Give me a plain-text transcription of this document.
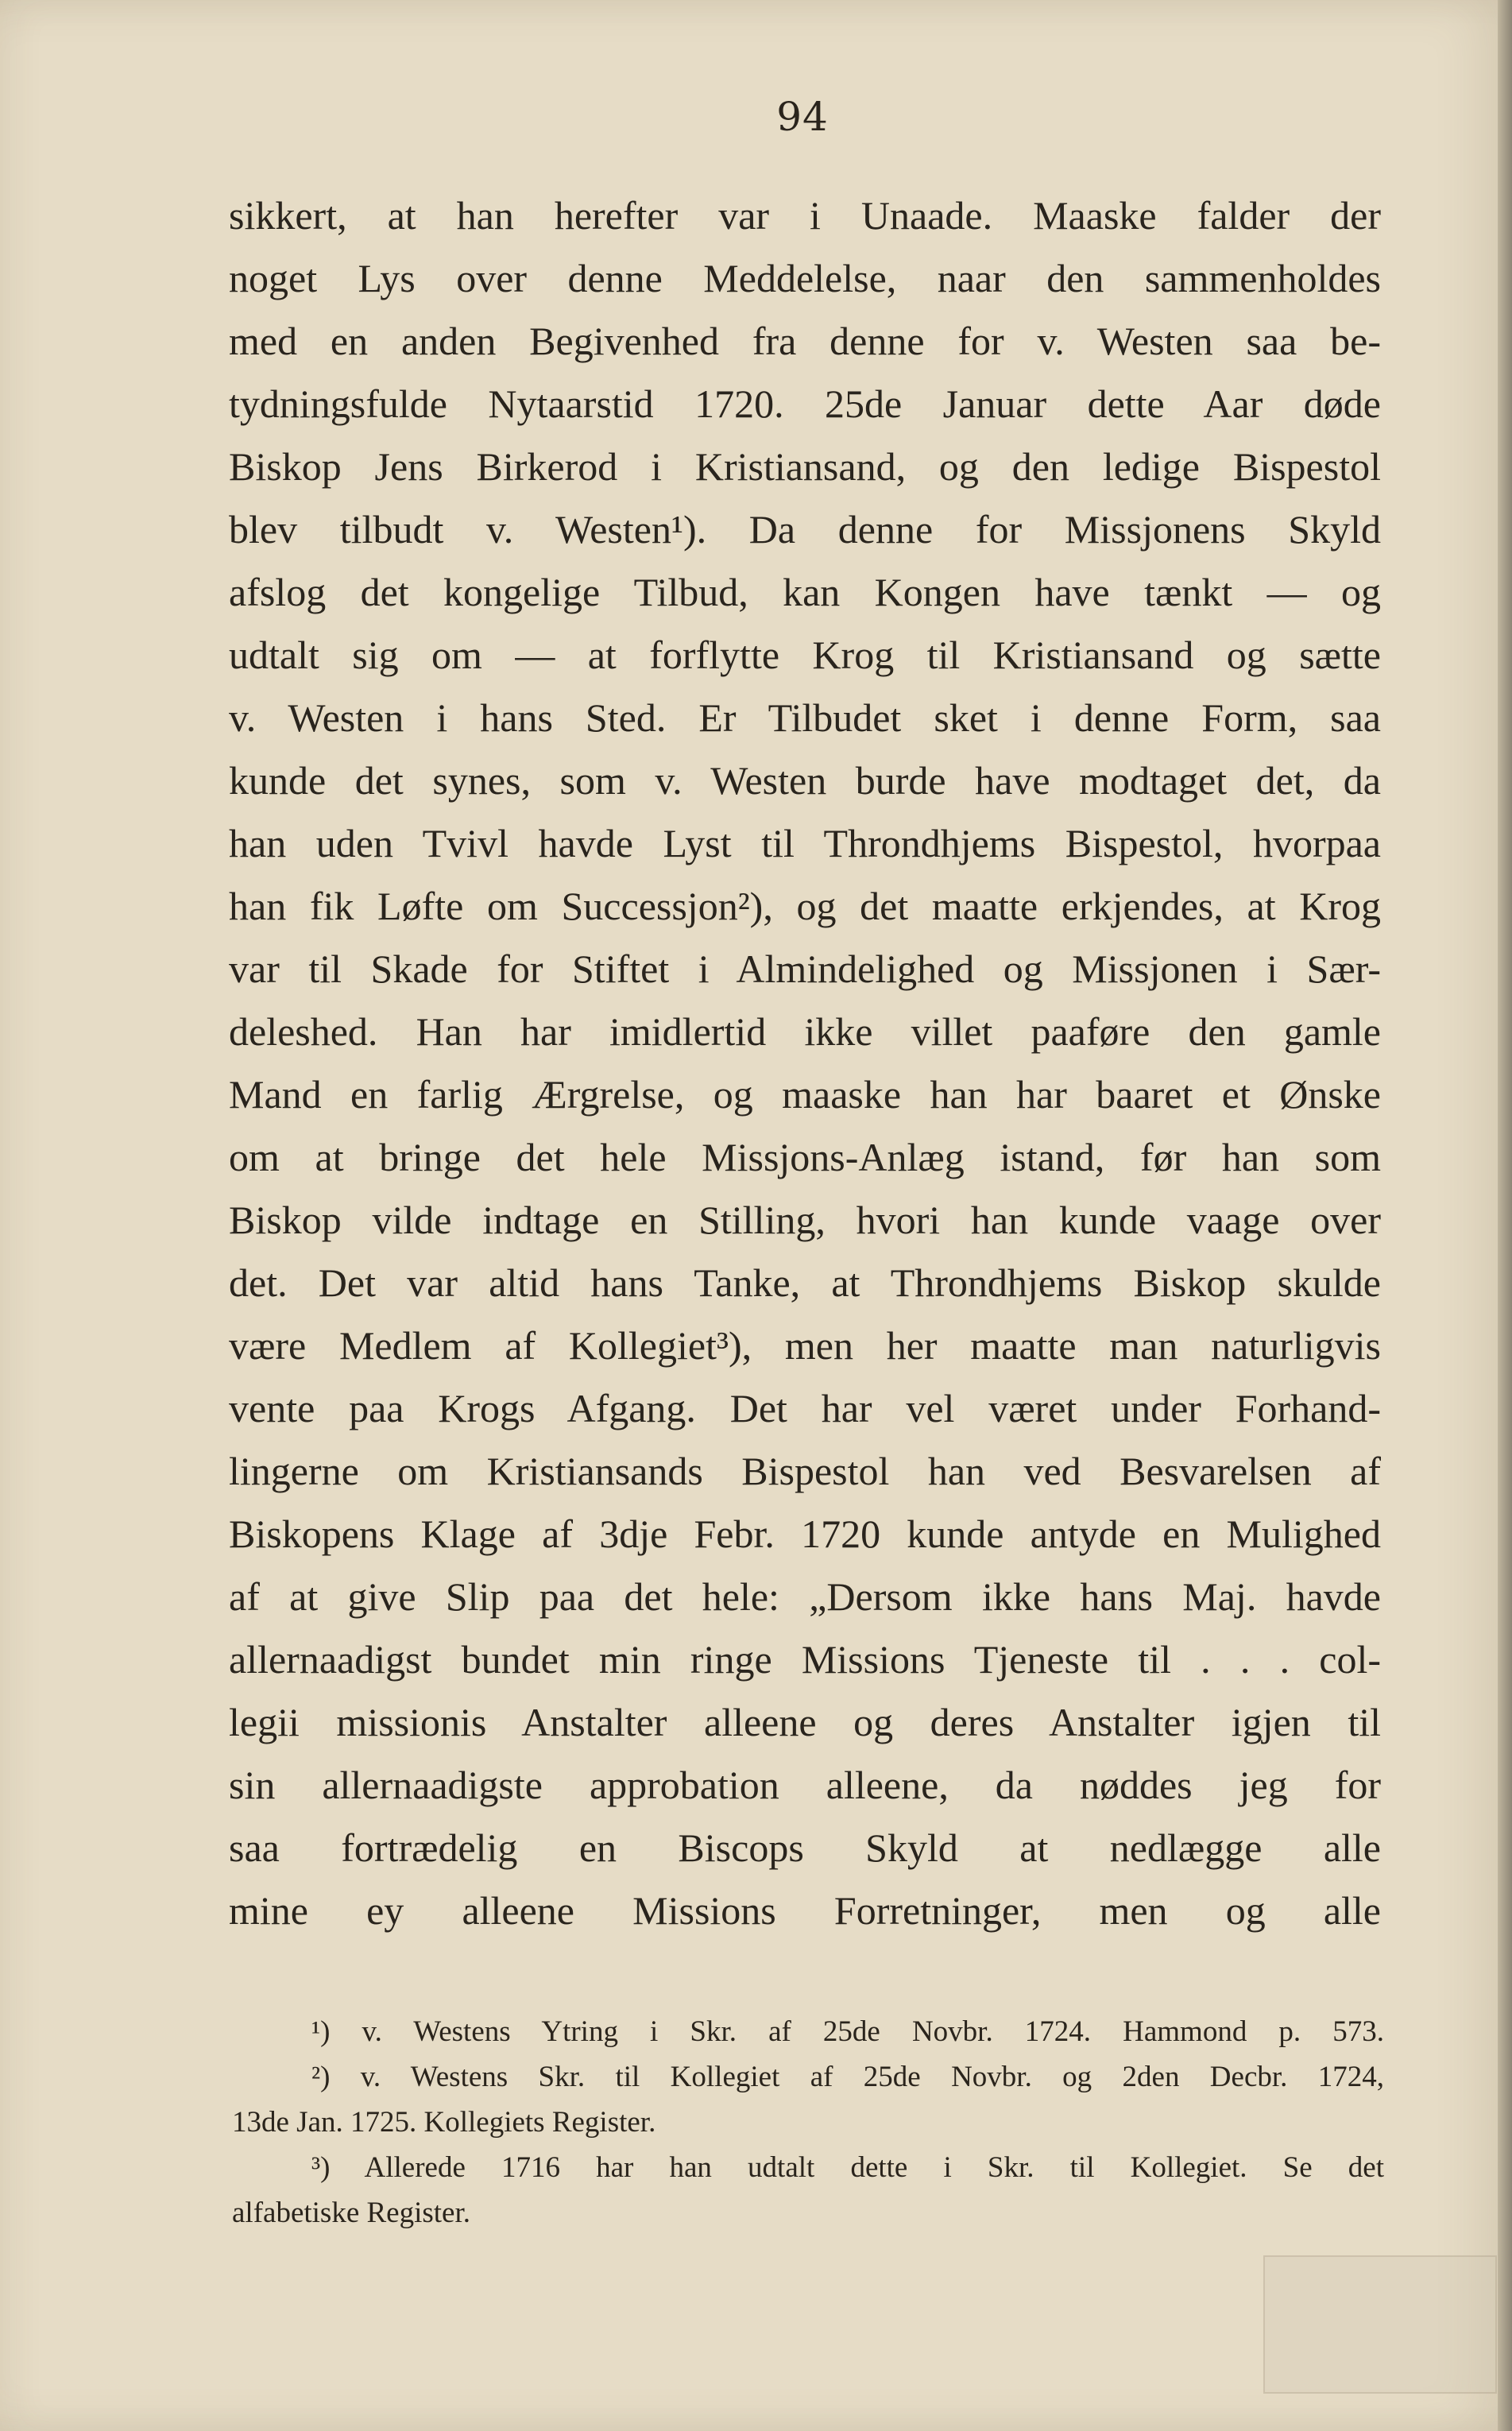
94
sikkert, at han herefter var i Unaade. Maaske falder der
noget Lys over denne Meddelelse, naar den sammenholdes
med en anden Begivenhed fra denne for v. Westen saa be-
tydningsfulde Nytaarstid 1720. 25de Januar dette Aar døde
Biskop Jens Birkerod i Kristiansand, og den ledige Bispestol
blev tilbudt v. Westen¹). Da denne for Missjonens Skyld
afslog det kongelige Tilbud, kan Kongen have tænkt — og
udtalt sig om — at forflytte Krog til Kristiansand og sætte
v. Westen i hans Sted. Er Tilbudet sket i denne Form, saa
kunde det synes, som v. Westen burde have modtaget det, da
han uden Tvivl havde Lyst til Throndhjems Bispestol, hvorpaa
han fik Løfte om Successjon²), og det maatte erkjendes, at Krog
var til Skade for Stiftet i Almindelighed og Missjonen i Sær-
deleshed. Han har imidlertid ikke villet paaføre den gamle
Mand en farlig Ærgrelse, og maaske han har baaret et Ønske
om at bringe det hele Missjons-Anlæg istand, før han som
Biskop vilde indtage en Stilling, hvori han kunde vaage over
det. Det var altid hans Tanke, at Throndhjems Biskop skulde
være Medlem af Kollegiet³), men her maatte man naturligvis
vente paa Krogs Afgang. Det har vel været under Forhand-
lingerne om Kristiansands Bispestol han ved Besvarelsen af
Biskopens Klage af 3dje Febr. 1720 kunde antyde en Mulighed
af at give Slip paa det hele: „Dersom ikke hans Maj. havde
allernaadigst bundet min ringe Missions Tjeneste til . . . col-
legii missionis Anstalter alleene og deres Anstalter igjen til
sin allernaadigste approbation alleene, da nøddes jeg for
saa fortrædelig en Biscops Skyld at nedlægge alle
mine ey alleene Missions Forretninger, men og alle
¹) v. Westens Ytring i Skr. af 25de Novbr. 1724. Hammond p. 573.
²) v. Westens Skr. til Kollegiet af 25de Novbr. og 2den Decbr. 1724,
13de Jan. 1725. Kollegiets Register.
³) Allerede 1716 har han udtalt dette i Skr. til Kollegiet. Se det
alfabetiske Register.
